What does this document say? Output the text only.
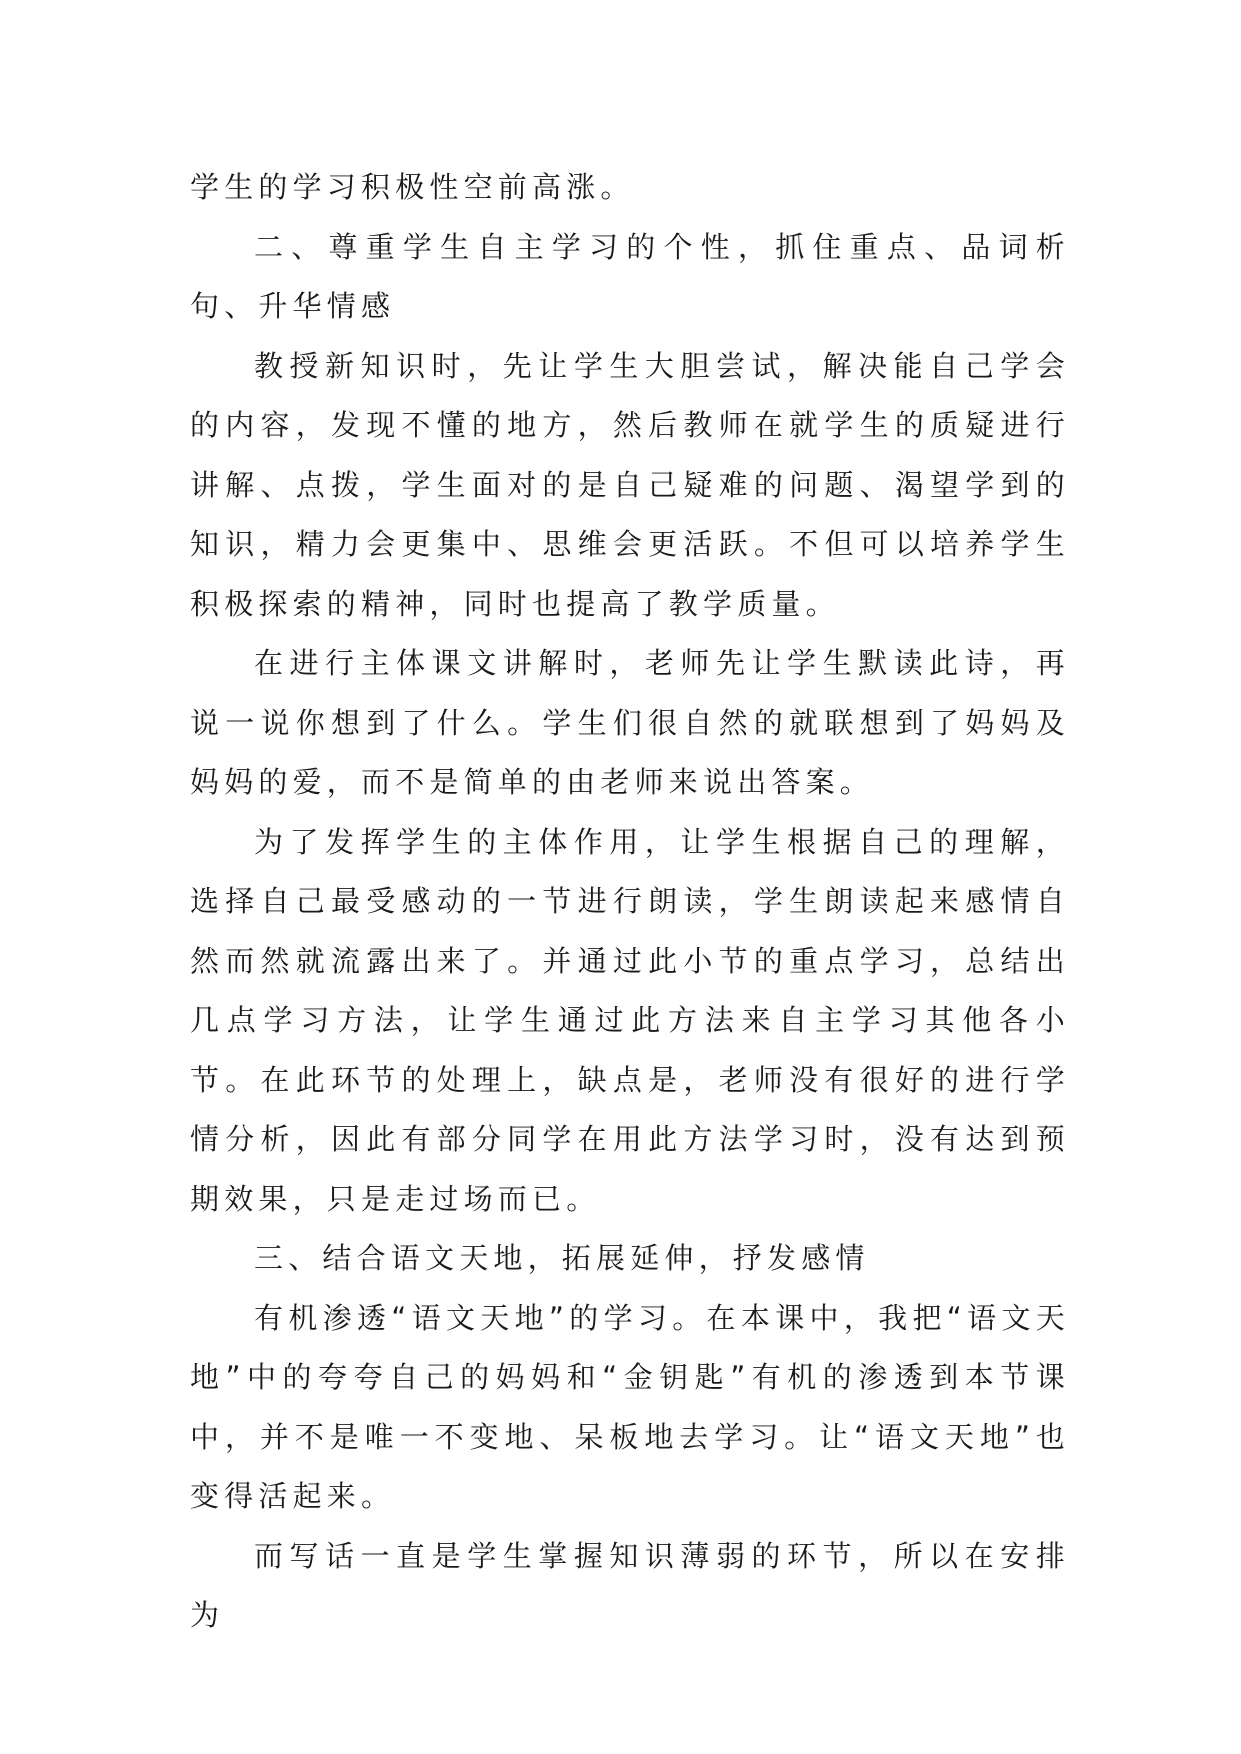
学生的学习积极性空前高涨。

二、尊重学生自主学习的个性，抓住重点、品词析句、升华情感

教授新知识时，先让学生大胆尝试，解决能自己学会的内容，发现不懂的地方，然后教师在就学生的质疑进行讲解、点拨，学生面对的是自己疑难的问题、渴望学到的知识，精力会更集中、思维会更活跃。不但可以培养学生积极探索的精神，同时也提高了教学质量。

在进行主体课文讲解时，老师先让学生默读此诗，再说一说你想到了什么。学生们很自然的就联想到了妈妈及妈妈的爱，而不是简单的由老师来说出答案。

为了发挥学生的主体作用，让学生根据自己的理解，选择自己最受感动的一节进行朗读，学生朗读起来感情自然而然就流露出来了。并通过此小节的重点学习，总结出几点学习方法，让学生通过此方法来自主学习其他各小节。在此环节的处理上，缺点是，老师没有很好的进行学情分析，因此有部分同学在用此方法学习时，没有达到预期效果，只是走过场而已。

三、结合语文天地，拓展延伸，抒发感情

有机渗透“语文天地”的学习。在本课中，我把“语文天地”中的夸夸自己的妈妈和“金钥匙”有机的渗透到本节课中，并不是唯一不变地、呆板地去学习。让“语文天地”也变得活起来。

而写话一直是学生掌握知识薄弱的环节，所以在安排为
